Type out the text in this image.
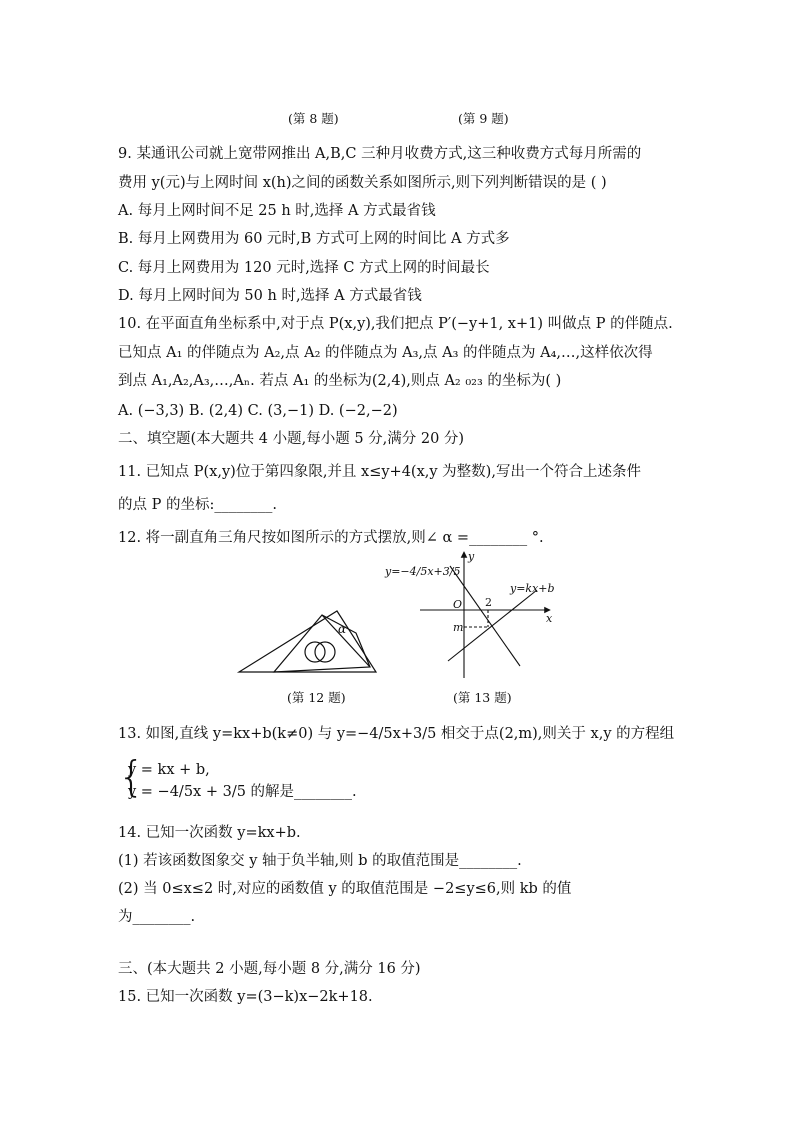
(第 8 题)	(第 9 题)
9. 某通讯公司就上宽带网推出 A,B,C 三种月收费方式,这三种收费方式每月所需的
费用 y(元)与上网时间 x(h)之间的函数关系如图所示,则下列判断错误的是 ( )
A. 每月上网时间不足 25 h 时,选择 A 方式最省钱
B. 每月上网费用为 60 元时,B 方式可上网的时间比 A 方式多
C. 每月上网费用为 120 元时,选择 C 方式上网的时间最长
D. 每月上网时间为 50 h 时,选择 A 方式最省钱
10. 在平面直角坐标系中,对于点 P(x,y),我们把点 P′(−y+1, x+1) 叫做点 P 的伴随点.
已知点 A₁ 的伴随点为 A₂,点 A₂ 的伴随点为 A₃,点 A₃ 的伴随点为 A₄,…,这样依次得
到点 A₁,A₂,A₃,…,Aₙ. 若点 A₁ 的坐标为(2,4),则点 A₂ ₀₂₃ 的坐标为( )
A. (−3,3) B. (2,4) C. (3,−1) D. (−2,−2)
二、填空题(本大题共 4 小题,每小题 5 分,满分 20 分)
11. 已知点 P(x,y)位于第四象限,并且 x≤y+4(x,y 为整数),写出一个符合上述条件
的点 P 的坐标:________.
12. 将一副直角三角尺按如图所示的方式摆放,则∠ α =________ °.
α
(第 12 题)
y
x
O
m
y=−4/5x+3/5
y=kx+b
2
(第 13 题)
13. 如图,直线 y=kx+b(k≠0) 与 y=−4/5x+3/5 相交于点(2,m),则关于 x,y 的方程组
{
y = kx + b,
y = −4/5x + 3/5 的解是________.
14. 已知一次函数 y=kx+b.
(1) 若该函数图象交 y 轴于负半轴,则 b 的取值范围是________.
(2) 当 0≤x≤2 时,对应的函数值 y 的取值范围是 −2≤y≤6,则 kb 的值
为________.
三、(本大题共 2 小题,每小题 8 分,满分 16 分)
15. 已知一次函数 y=(3−k)x−2k+18.
